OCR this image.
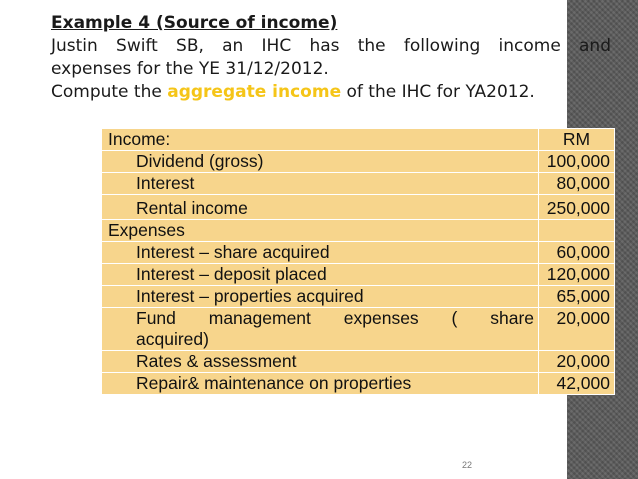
Example 4 (Source of income)
Justin Swift SB, an IHC has the following income and
expenses for the YE 31/12/2012.
Compute the aggregate income of the IHC for YA2012.
Income:	RM
Dividend (gross)	100,000
Interest	80,000
Rental income	250,000
Expenses	
Interest – share acquired	60,000
Interest – deposit placed	120,000
Interest – properties acquired	65,000

Fund management expenses ( share
acquired)	20,000
Rates & assessment	20,000
Repair& maintenance on properties	42,000
22
